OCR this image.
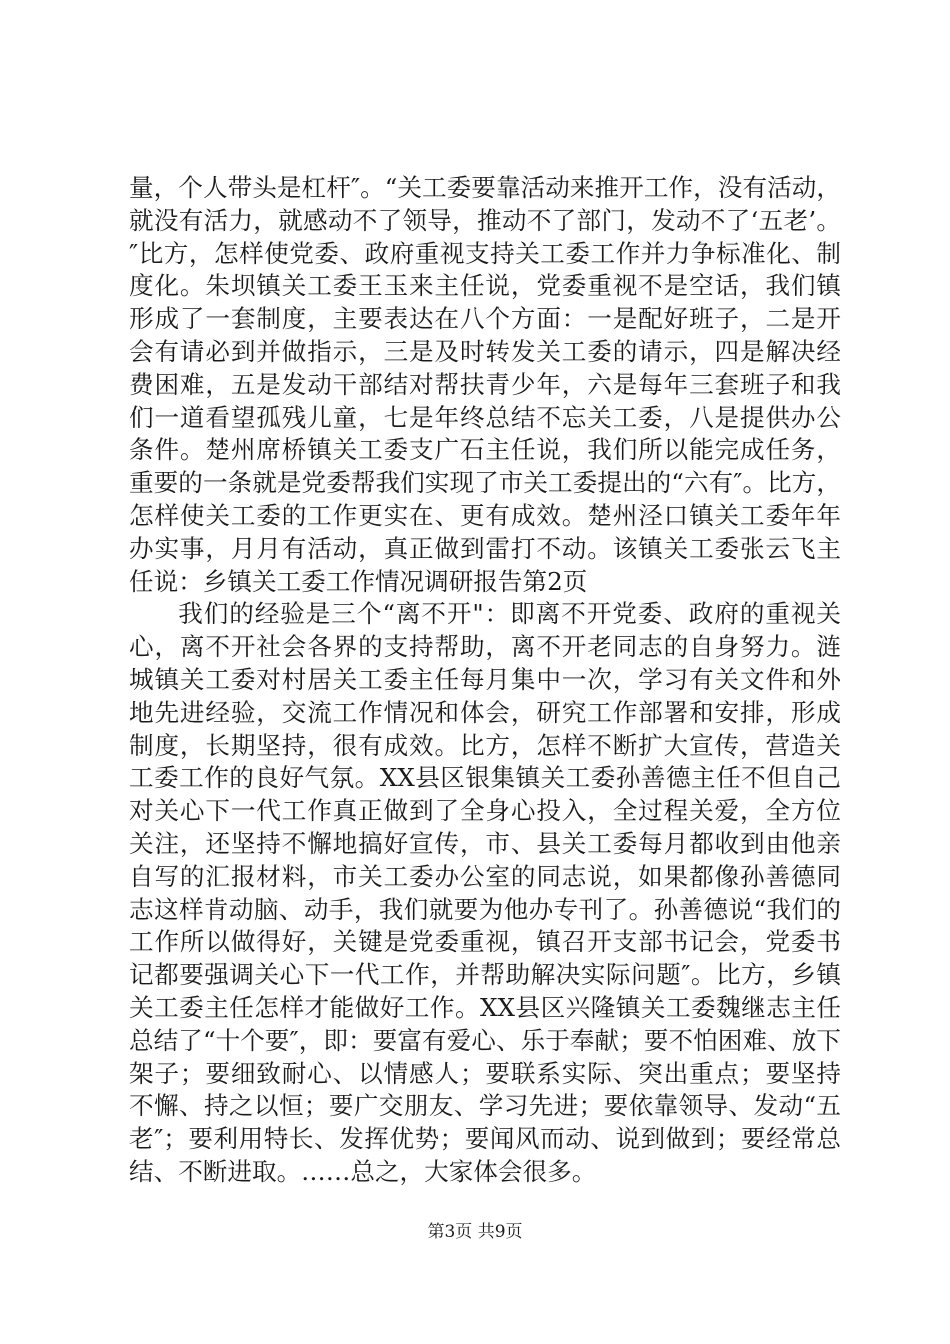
量，个人带头是杠杆″。“关工委要靠活动来推开工作，没有活动，就没有活力，就感动不了领导，推动不了部门，发动不了‘五老’。″比方，怎样使党委、政府重视支持关工委工作并力争标准化、制度化。朱坝镇关工委王玉来主任说，党委重视不是空话，我们镇形成了一套制度，主要表达在八个方面：一是配好班子，二是开会有请必到并做指示，三是及时转发关工委的请示，四是解决经费困难，五是发动干部结对帮扶青少年，六是每年三套班子和我们一道看望孤残儿童，七是年终总结不忘关工委，八是提供办公条件。楚州席桥镇关工委支广石主任说，我们所以能完成任务，重要的一条就是党委帮我们实现了市关工委提出的“六有″。比方，怎样使关工委的工作更实在、更有成效。楚州泾口镇关工委年年办实事，月月有活动，真正做到雷打不动。该镇关工委张云飞主任说：乡镇关工委工作情况调研报告第2页

我们的经验是三个“离不开"：即离不开党委、政府的重视关心，离不开社会各界的支持帮助，离不开老同志的自身努力。涟城镇关工委对村居关工委主任每月集中一次，学习有关文件和外地先进经验，交流工作情况和体会，研究工作部署和安排，形成制度，长期坚持，很有成效。比方，怎样不断扩大宣传，营造关工委工作的良好气氛。XX县区银集镇关工委孙善德主任不但自己对关心下一代工作真正做到了全身心投入，全过程关爱，全方位关注，还坚持不懈地搞好宣传，市、县关工委每月都收到由他亲自写的汇报材料，市关工委办公室的同志说，如果都像孙善德同志这样肯动脑、动手，我们就要为他办专刊了。孙善德说“我们的工作所以做得好，关键是党委重视，镇召开支部书记会，党委书记都要强调关心下一代工作，并帮助解决实际问题″。比方，乡镇关工委主任怎样才能做好工作。XX县区兴隆镇关工委魏继志主任总结了“十个要″，即：要富有爱心、乐于奉献；要不怕困难、放下架子；要细致耐心、以情感人；要联系实际、突出重点；要坚持不懈、持之以恒；要广交朋友、学习先进；要依靠领导、发动“五老″；要利用特长、发挥优势；要闻风而动、说到做到；要经常总结、不断进取。……总之，大家体会很多。

第3页 共9页
